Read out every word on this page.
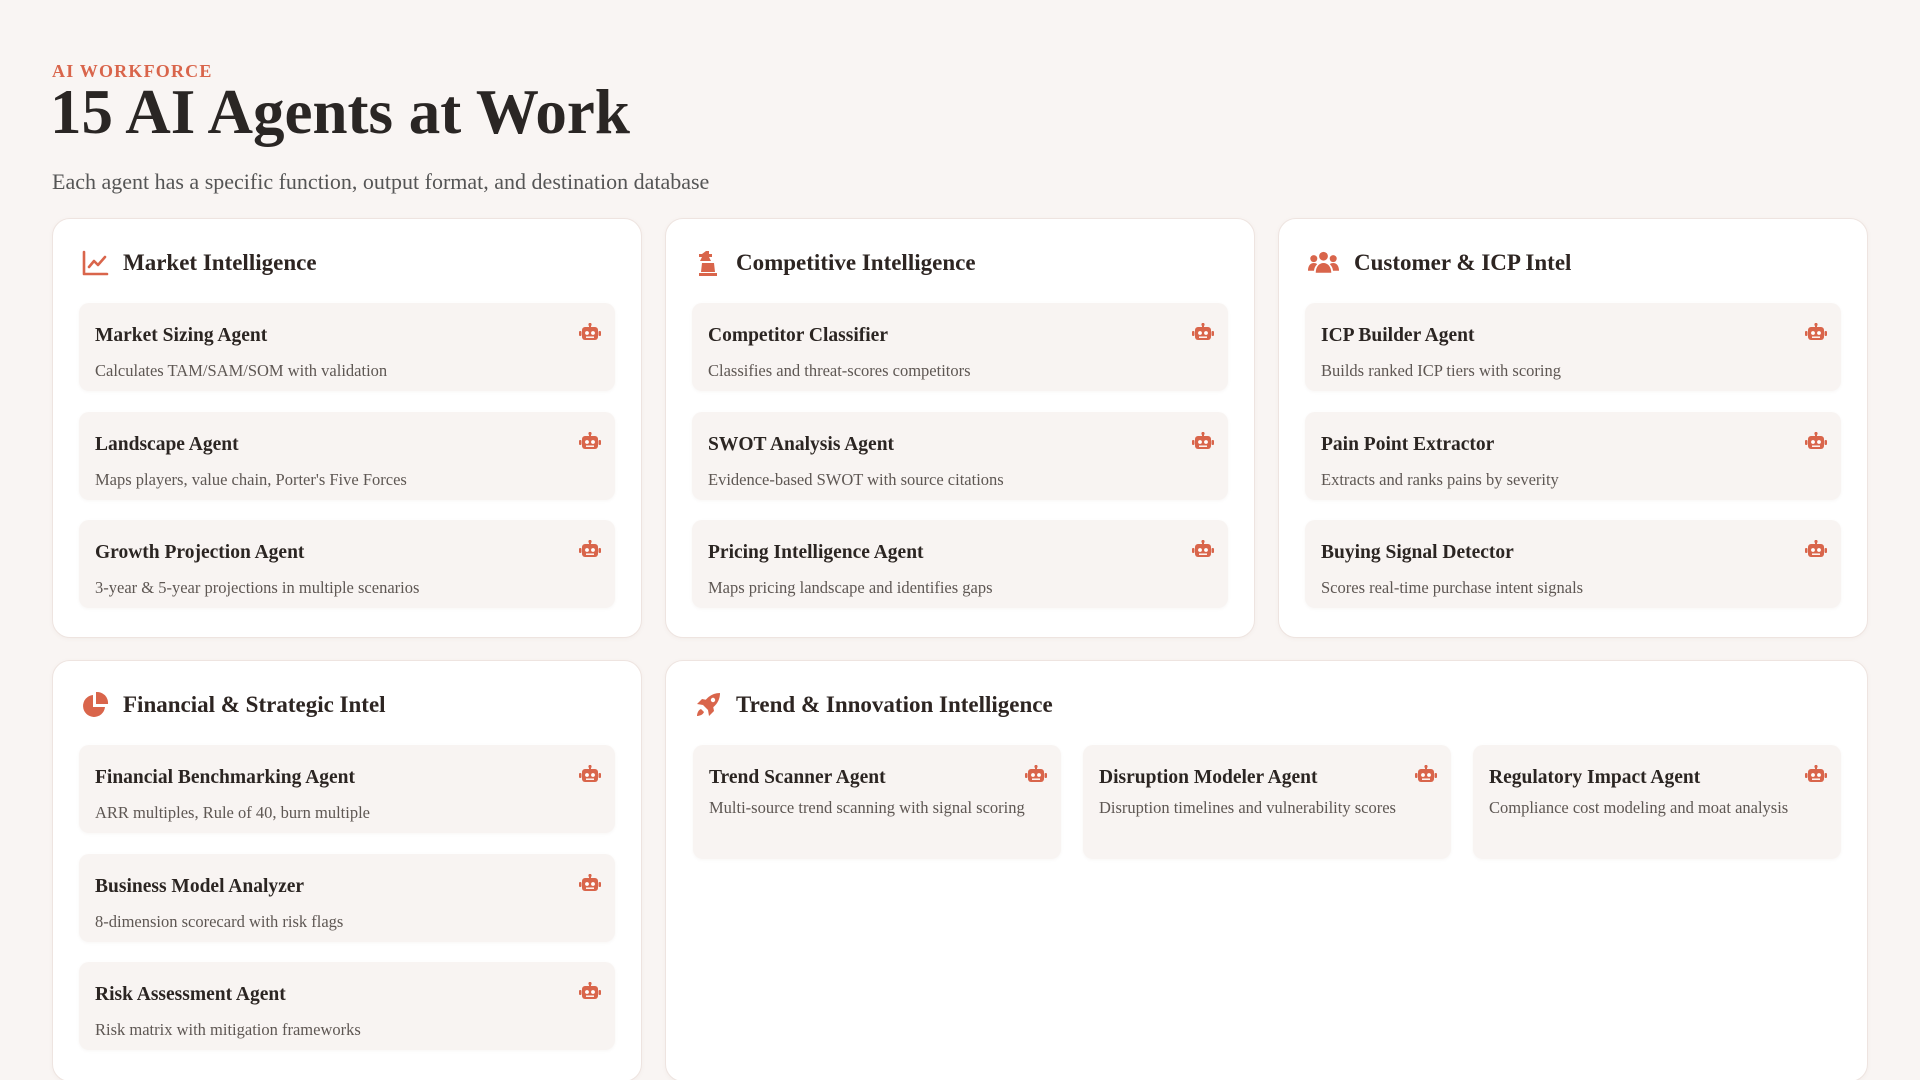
AI WORKFORCE
15 AI Agents at Work

Each agent has a specific function, output format, and destination database

Market Intelligence
Market Sizing Agent
Calculates TAM/SAM/SOM with validation
Landscape Agent
Maps players, value chain, Porter's Five Forces
Growth Projection Agent
3-year & 5-year projections in multiple scenarios
Competitive Intelligence
Competitor Classifier
Classifies and threat-scores competitors
SWOT Analysis Agent
Evidence-based SWOT with source citations
Pricing Intelligence Agent
Maps pricing landscape and identifies gaps
Customer & ICP Intel
ICP Builder Agent
Builds ranked ICP tiers with scoring
Pain Point Extractor
Extracts and ranks pains by severity
Buying Signal Detector
Scores real-time purchase intent signals
Financial & Strategic Intel
Financial Benchmarking Agent
ARR multiples, Rule of 40, burn multiple
Business Model Analyzer
8-dimension scorecard with risk flags
Risk Assessment Agent
Risk matrix with mitigation frameworks
Trend & Innovation Intelligence
Trend Scanner Agent
Multi-source trend scanning with signal scoring
Disruption Modeler Agent
Disruption timelines and vulnerability scores
Regulatory Impact Agent
Compliance cost modeling and moat analysis
